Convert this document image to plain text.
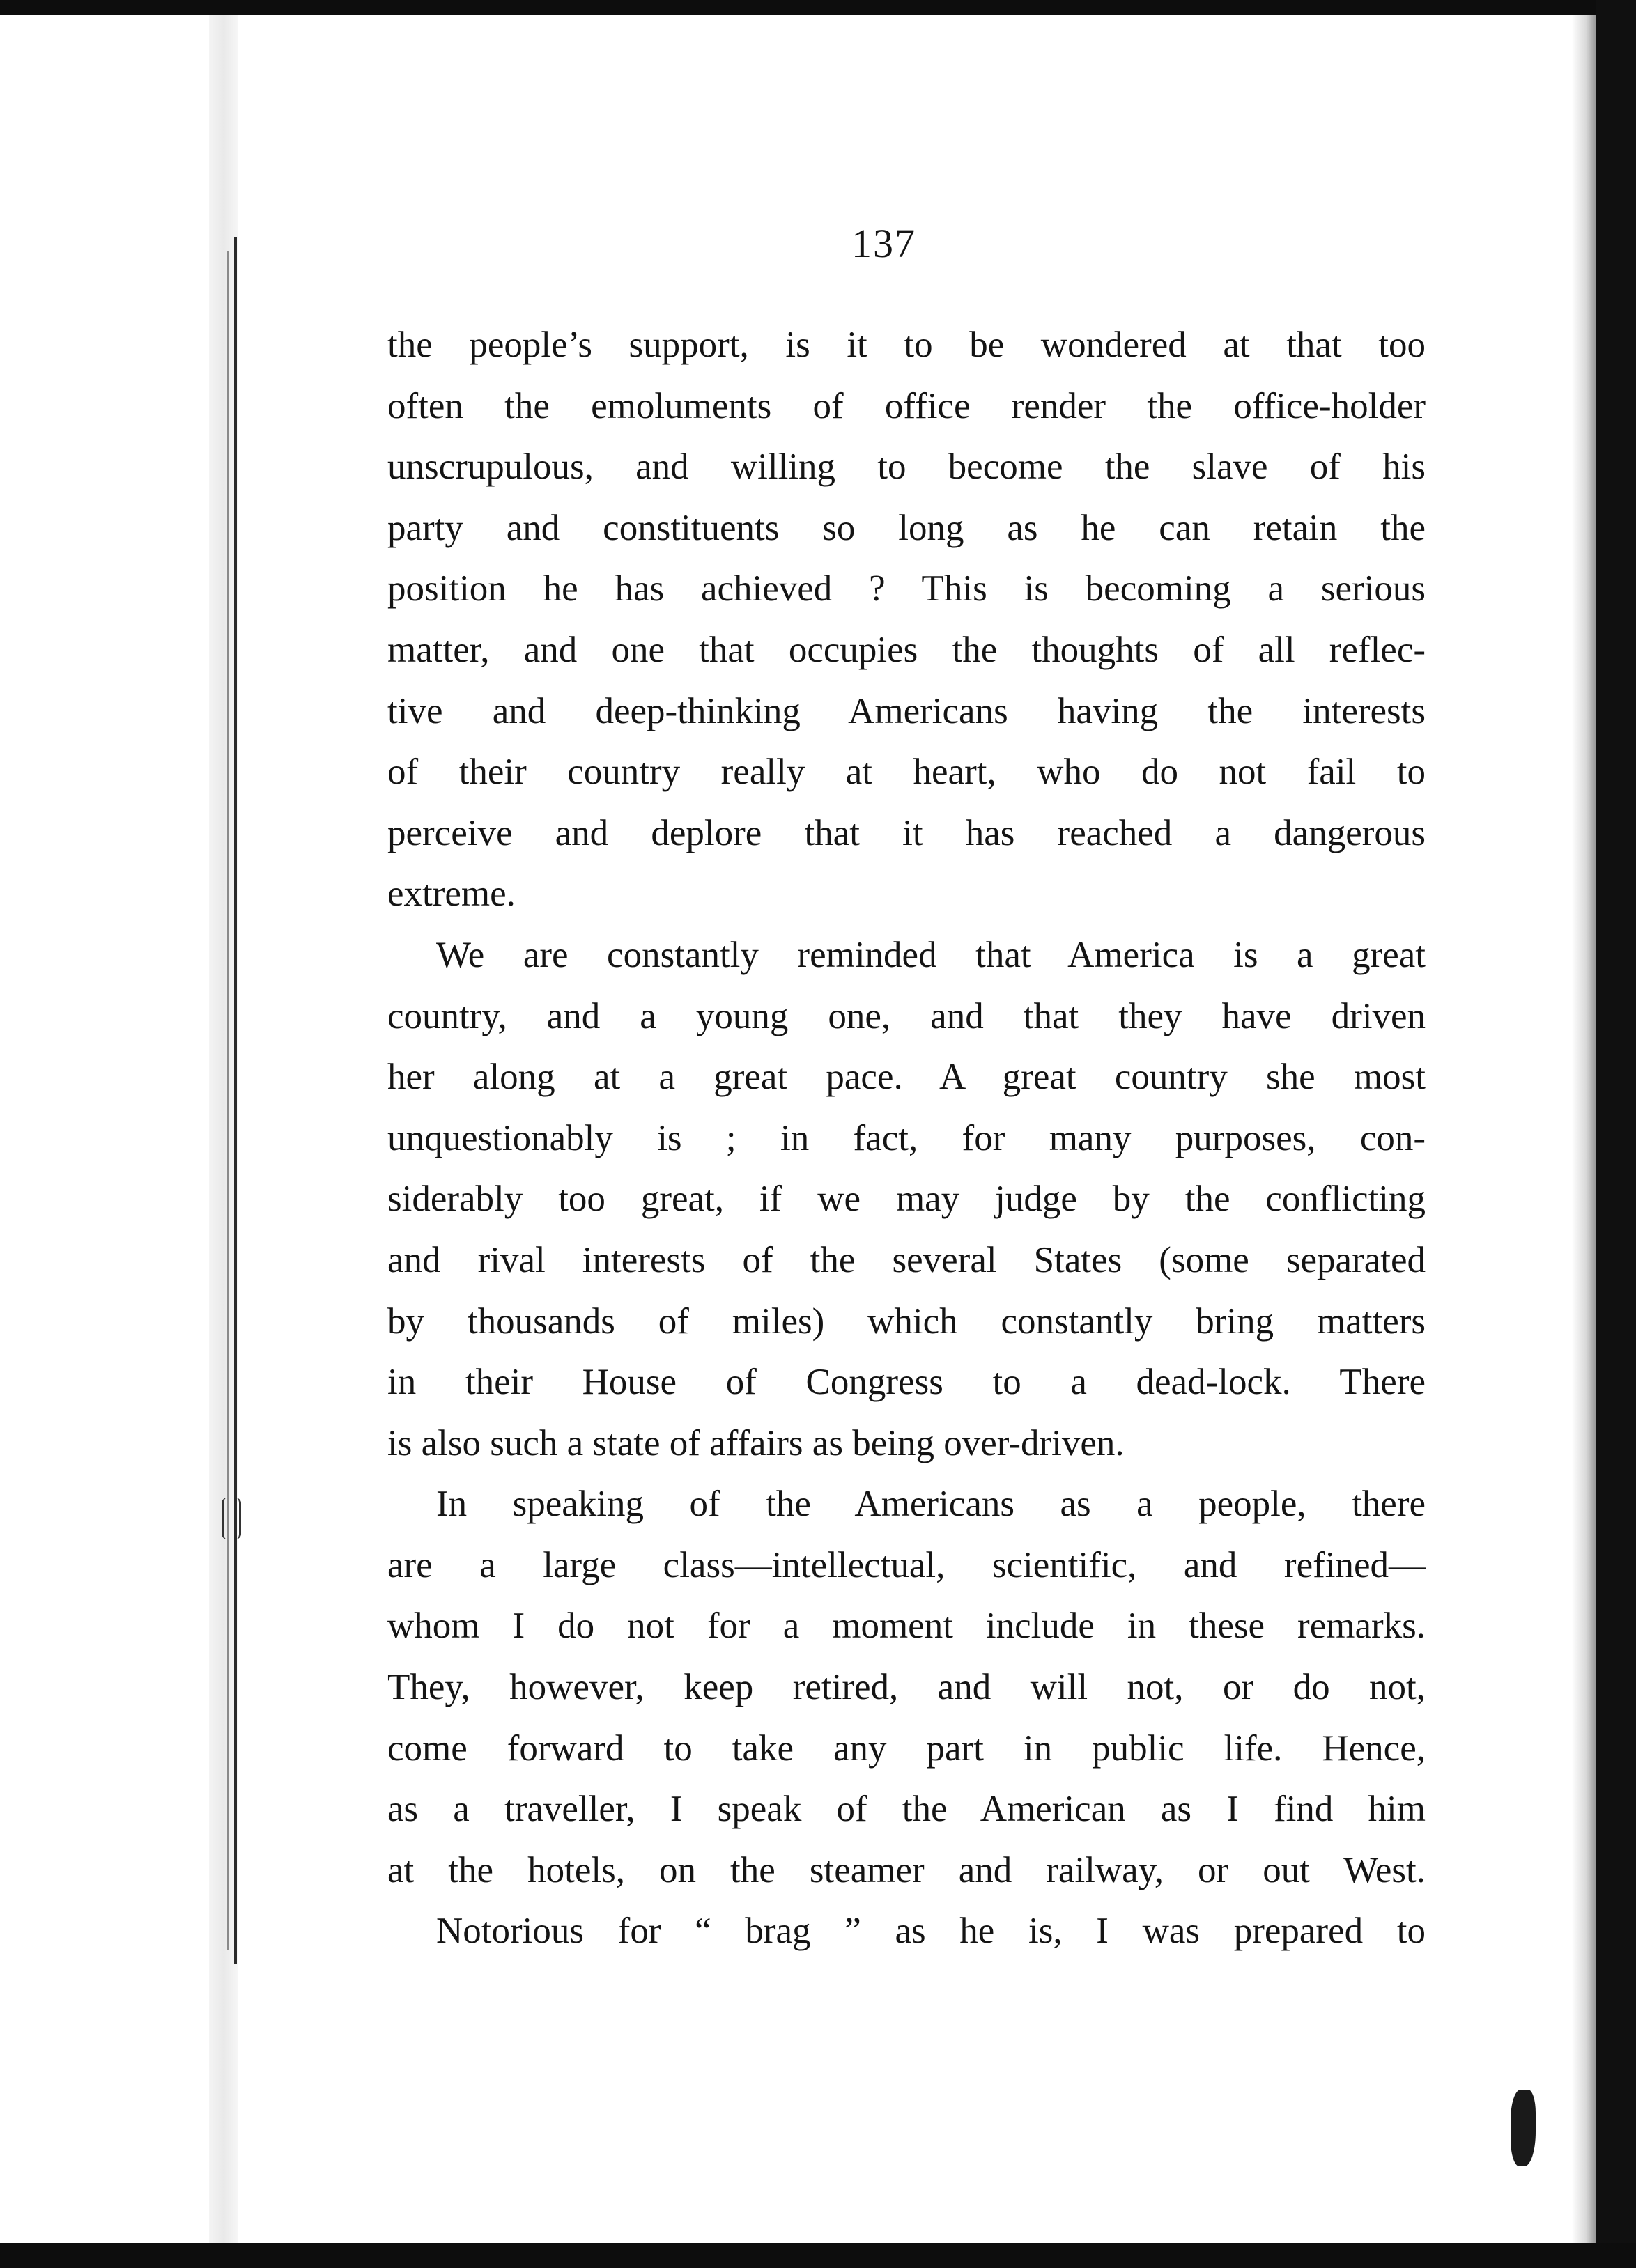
137
the people’s support, is it to be wondered at that too
often the emoluments of office render the office-holder
unscrupulous, and willing to become the slave of his
party and constituents so long as he can retain the
position he has achieved ? This is becoming a serious
matter, and one that occupies the thoughts of all reflec-
tive and deep-thinking Americans having the interests
of their country really at heart, who do not fail to
perceive and deplore that it has reached a dangerous
extreme.
We are constantly reminded that America is a great
country, and a young one, and that they have driven
her along at a great pace. A great country she most
unquestionably is ; in fact, for many purposes, con-
siderably too great, if we may judge by the conflicting
and rival interests of the several States (some separated
by thousands of miles) which constantly bring matters
in their House of Congress to a dead-lock. There
is also such a state of affairs as being over-driven.
In speaking of the Americans as a people, there
are a large class—intellectual, scientific, and refined—
whom I do not for a moment include in these remarks.
They, however, keep retired, and will not, or do not,
come forward to take any part in public life. Hence,
as a traveller, I speak of the American as I find him
at the hotels, on the steamer and railway, or out West.
Notorious for “ brag ” as he is, I was prepared to
